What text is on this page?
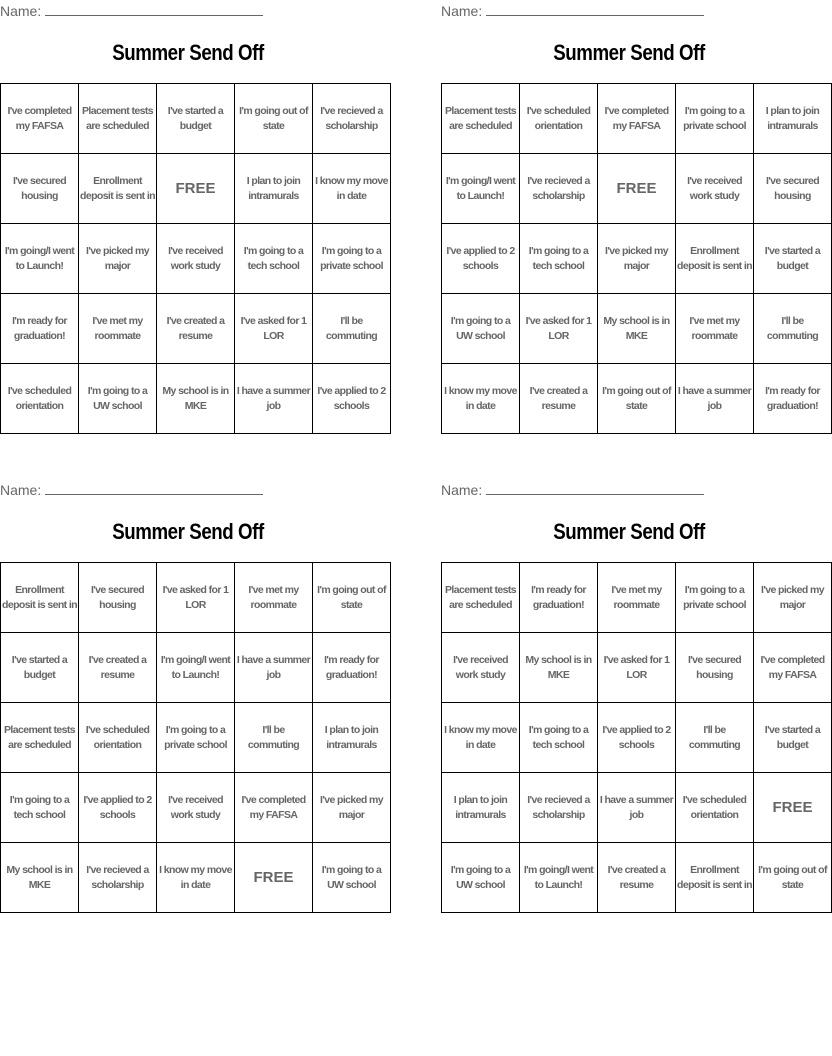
Name:
Summer Send Off
I've completed my FAFSA	Placement tests are scheduled	I've started a budget	I'm going out of state	I've recieved a scholarship
I've secured housing	Enrollment deposit is sent in	FREE	I plan to join intramurals	I know my move in date
I'm going/I went to Launch!	I've picked my major	I've received work study	I'm going to a tech school	I'm going to a private school
I'm ready for graduation!	I've met my roommate	I've created a resume	I've asked for 1 LOR	I'll be commuting
I've scheduled orientation	I'm going to a UW school	My school is in MKE	I have a summer job	I've applied to 2 schools
Name:
Summer Send Off
Placement tests are scheduled	I've scheduled orientation	I've completed my FAFSA	I'm going to a private school	I plan to join intramurals
I'm going/I went to Launch!	I've recieved a scholarship	FREE	I've received work study	I've secured housing
I've applied to 2 schools	I'm going to a tech school	I've picked my major	Enrollment deposit is sent in	I've started a budget
I'm going to a UW school	I've asked for 1 LOR	My school is in MKE	I've met my roommate	I'll be commuting
I know my move in date	I've created a resume	I'm going out of state	I have a summer job	I'm ready for graduation!
Name:
Summer Send Off
Enrollment deposit is sent in	I've secured housing	I've asked for 1 LOR	I've met my roommate	I'm going out of state
I've started a budget	I've created a resume	I'm going/I went to Launch!	I have a summer job	I'm ready for graduation!
Placement tests are scheduled	I've scheduled orientation	I'm going to a private school	I'll be commuting	I plan to join intramurals
I'm going to a tech school	I've applied to 2 schools	I've received work study	I've completed my FAFSA	I've picked my major
My school is in MKE	I've recieved a scholarship	I know my move in date	FREE	I'm going to a UW school
Name:
Summer Send Off
Placement tests are scheduled	I'm ready for graduation!	I've met my roommate	I'm going to a private school	I've picked my major
I've received work study	My school is in MKE	I've asked for 1 LOR	I've secured housing	I've completed my FAFSA
I know my move in date	I'm going to a tech school	I've applied to 2 schools	I'll be commuting	I've started a budget
I plan to join intramurals	I've recieved a scholarship	I have a summer job	I've scheduled orientation	FREE
I'm going to a UW school	I'm going/I went to Launch!	I've created a resume	Enrollment deposit is sent in	I'm going out of state
